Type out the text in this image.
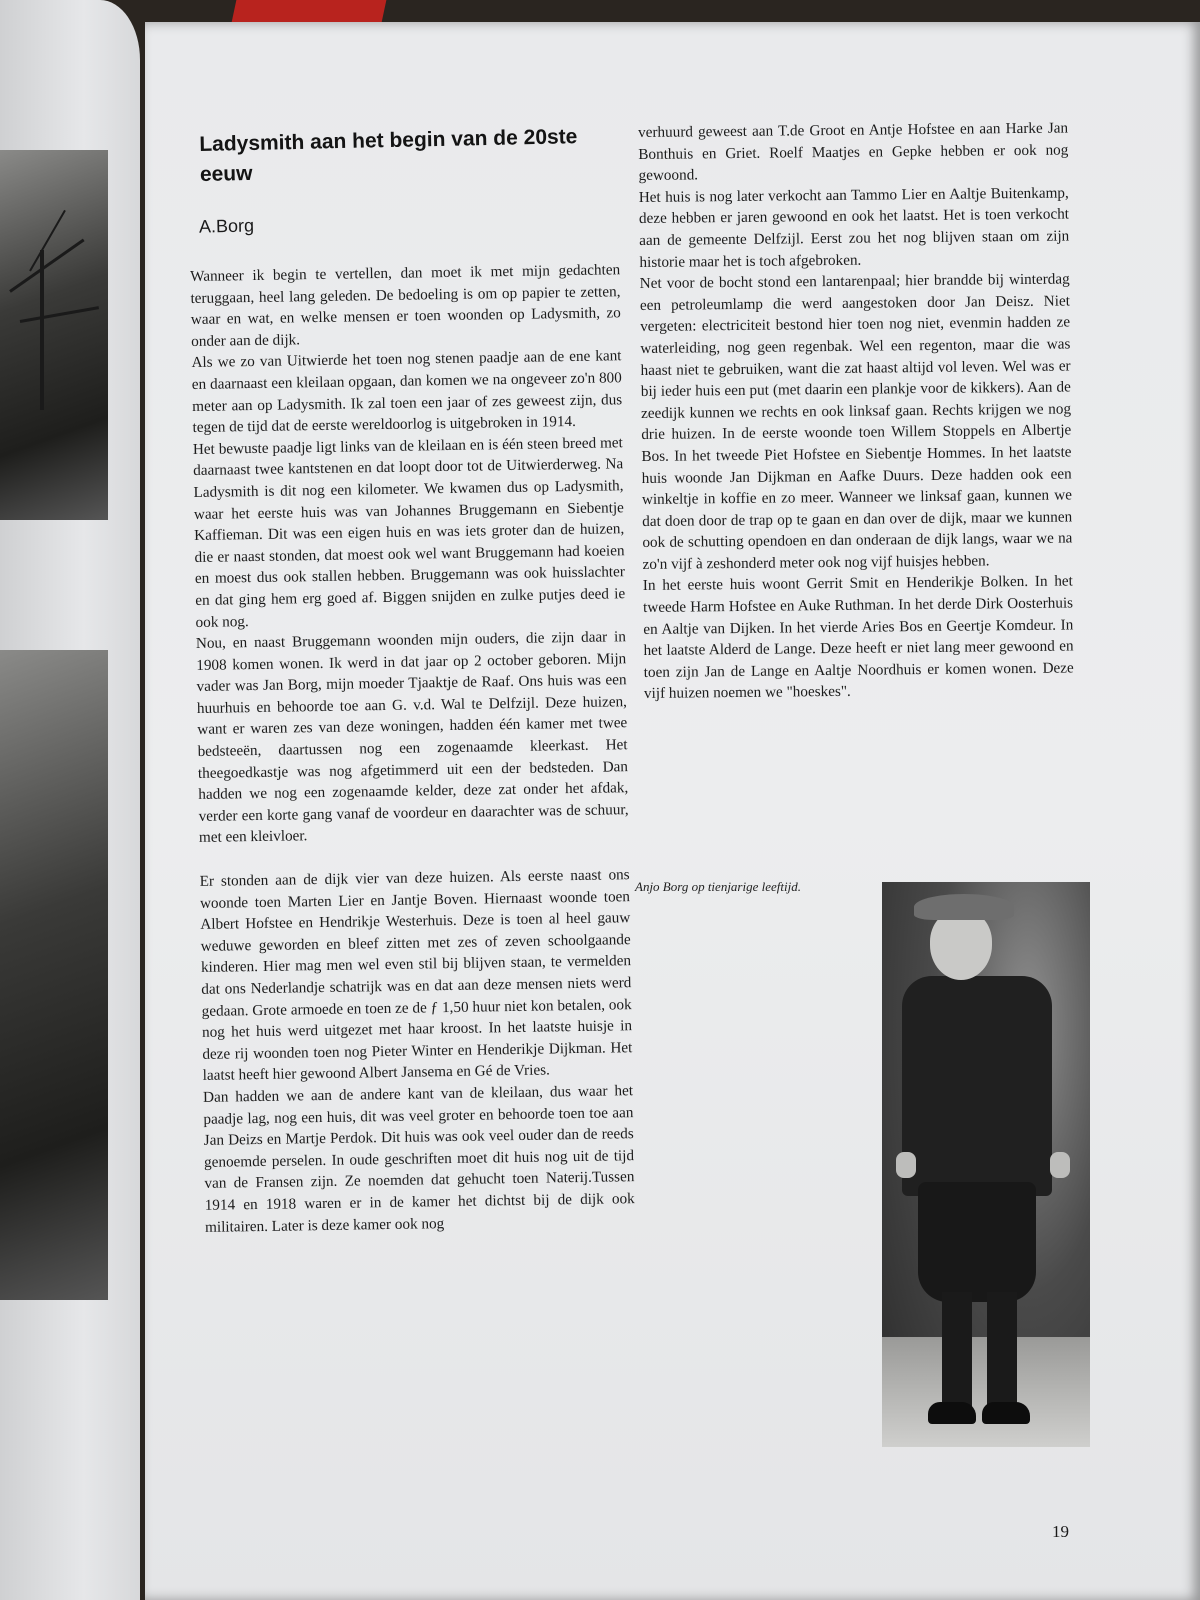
Ladysmith aan het begin van de 20ste eeuw
A.Borg

Wanneer ik begin te vertellen, dan moet ik met mijn gedachten teruggaan, heel lang geleden. De bedoeling is om op papier te zetten, waar en wat, en welke mensen er toen woonden op Ladysmith, zo onder aan de dijk.

Als we zo van Uitwierde het toen nog stenen paadje aan de ene kant en daarnaast een kleilaan opgaan, dan komen we na ongeveer zo'n 800 meter aan op Ladysmith. Ik zal toen een jaar of zes geweest zijn, dus tegen de tijd dat de eerste wereldoorlog is uitgebroken in 1914.

Het bewuste paadje ligt links van de kleilaan en is één steen breed met daarnaast twee kantstenen en dat loopt door tot de Uitwierderweg. Na Ladysmith is dit nog een kilometer. We kwamen dus op Ladysmith, waar het eerste huis was van Johannes Bruggemann en Siebentje Kaffieman. Dit was een eigen huis en was iets groter dan de huizen, die er naast stonden, dat moest ook wel want Bruggemann had koeien en moest dus ook stallen hebben. Bruggemann was ook huisslachter en dat ging hem erg goed af. Biggen snijden en zulke putjes deed ie ook nog.

Nou, en naast Bruggemann woonden mijn ouders, die zijn daar in 1908 komen wonen. Ik werd in dat jaar op 2 october geboren. Mijn vader was Jan Borg, mijn moeder Tjaaktje de Raaf. Ons huis was een huurhuis en behoorde toe aan G. v.d. Wal te Delfzijl. Deze huizen, want er waren zes van deze woningen, hadden één kamer met twee bedsteeën, daartussen nog een zogenaamde kleerkast. Het theegoedkastje was nog afgetimmerd uit een der bedsteden. Dan hadden we nog een zogenaamde kelder, deze zat onder het afdak, verder een korte gang vanaf de voordeur en daarachter was de schuur, met een kleivloer.

Er stonden aan de dijk vier van deze huizen. Als eerste naast ons woonde toen Marten Lier en Jantje Boven. Hiernaast woonde toen Albert Hofstee en Hendrikje Westerhuis. Deze is toen al heel gauw weduwe geworden en bleef zitten met zes of zeven schoolgaande kinderen. Hier mag men wel even stil bij blijven staan, te vermelden dat ons Nederlandje schatrijk was en dat aan deze mensen niets werd gedaan. Grote armoede en toen ze de ƒ 1,50 huur niet kon betalen, ook nog het huis werd uitgezet met haar kroost. In het laatste huisje in deze rij woonden toen nog Pieter Winter en Henderikje Dijkman. Het laatst heeft hier gewoond Albert Jansema en Gé de Vries.

Dan hadden we aan de andere kant van de kleilaan, dus waar het paadje lag, nog een huis, dit was veel groter en behoorde toen toe aan Jan Deizs en Martje Perdok. Dit huis was ook veel ouder dan de reeds genoemde perselen. In oude geschriften moet dit huis nog uit de tijd van de Fransen zijn. Ze noemden dat gehucht toen Naterij.Tussen 1914 en 1918 waren er in de kamer het dichtst bij de dijk ook militairen. Later is deze kamer ook nog

verhuurd geweest aan T.de Groot en Antje Hofstee en aan Harke Jan Bonthuis en Griet. Roelf Maatjes en Gepke hebben er ook nog gewoond.

Het huis is nog later verkocht aan Tammo Lier en Aaltje Buitenkamp, deze hebben er jaren gewoond en ook het laatst. Het is toen verkocht aan de gemeente Delfzijl. Eerst zou het nog blijven staan om zijn historie maar het is toch afgebroken.

Net voor de bocht stond een lantarenpaal; hier brandde bij winterdag een petroleumlamp die werd aangestoken door Jan Deisz. Niet vergeten: electriciteit bestond hier toen nog niet, evenmin hadden ze waterleiding, nog geen regenbak. Wel een regenton, maar die was haast niet te gebruiken, want die zat haast altijd vol leven. Wel was er bij ieder huis een put (met daarin een plankje voor de kikkers). Aan de zeedijk kunnen we rechts en ook linksaf gaan. Rechts krijgen we nog drie huizen. In de eerste woonde toen Willem Stoppels en Albertje Bos. In het tweede Piet Hofstee en Siebentje Hommes. In het laatste huis woonde Jan Dijkman en Aafke Duurs. Deze hadden ook een winkeltje in koffie en zo meer. Wanneer we linksaf gaan, kunnen we dat doen door de trap op te gaan en dan over de dijk, maar we kunnen ook de schutting opendoen en dan onderaan de dijk langs, waar we na zo'n vijf à zeshonderd meter ook nog vijf huisjes hebben.

In het eerste huis woont Gerrit Smit en Henderikje Bolken. In het tweede Harm Hofstee en Auke Ruthman. In het derde Dirk Oosterhuis en Aaltje van Dijken. In het vierde Aries Bos en Geertje Komdeur. In het laatste Alderd de Lange. Deze heeft er niet lang meer gewoond en toen zijn Jan de Lange en Aaltje Noordhuis er komen wonen. Deze vijf huizen noemen we "hoeskes".

Anjo Borg op tienjarige leeftijd.
19
